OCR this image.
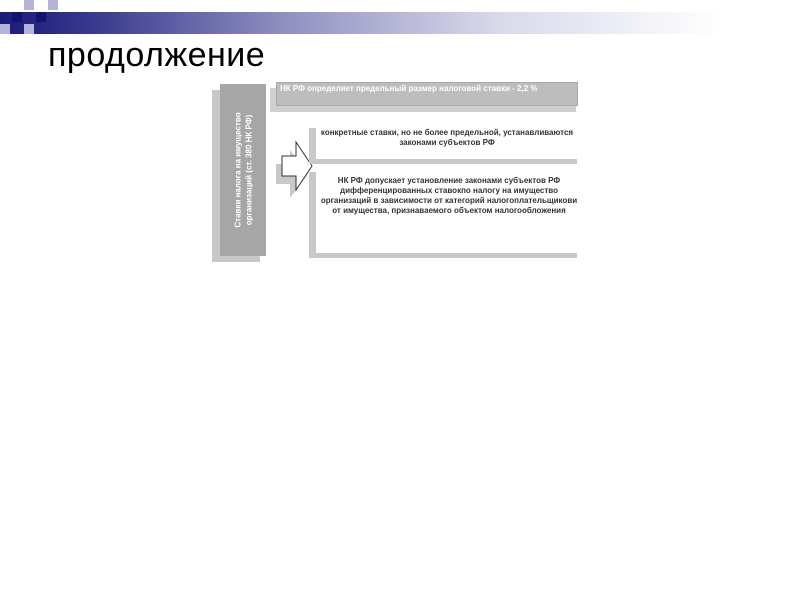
продолжение
Ставки налога на имущество организаций (ст. 380 НК РФ)
НК РФ определяет предельный размер налоговой ставки - 2,2 %
конкретные ставки, но не более предельной, устанавливаются законами субъектов РФ
НК РФ допускает установление законами субъектов РФ дифференцированных ставокпо налогу на имущество организаций в зависимости от категорий налогоплательщикови от имущества, признаваемого объектом налогообложения
